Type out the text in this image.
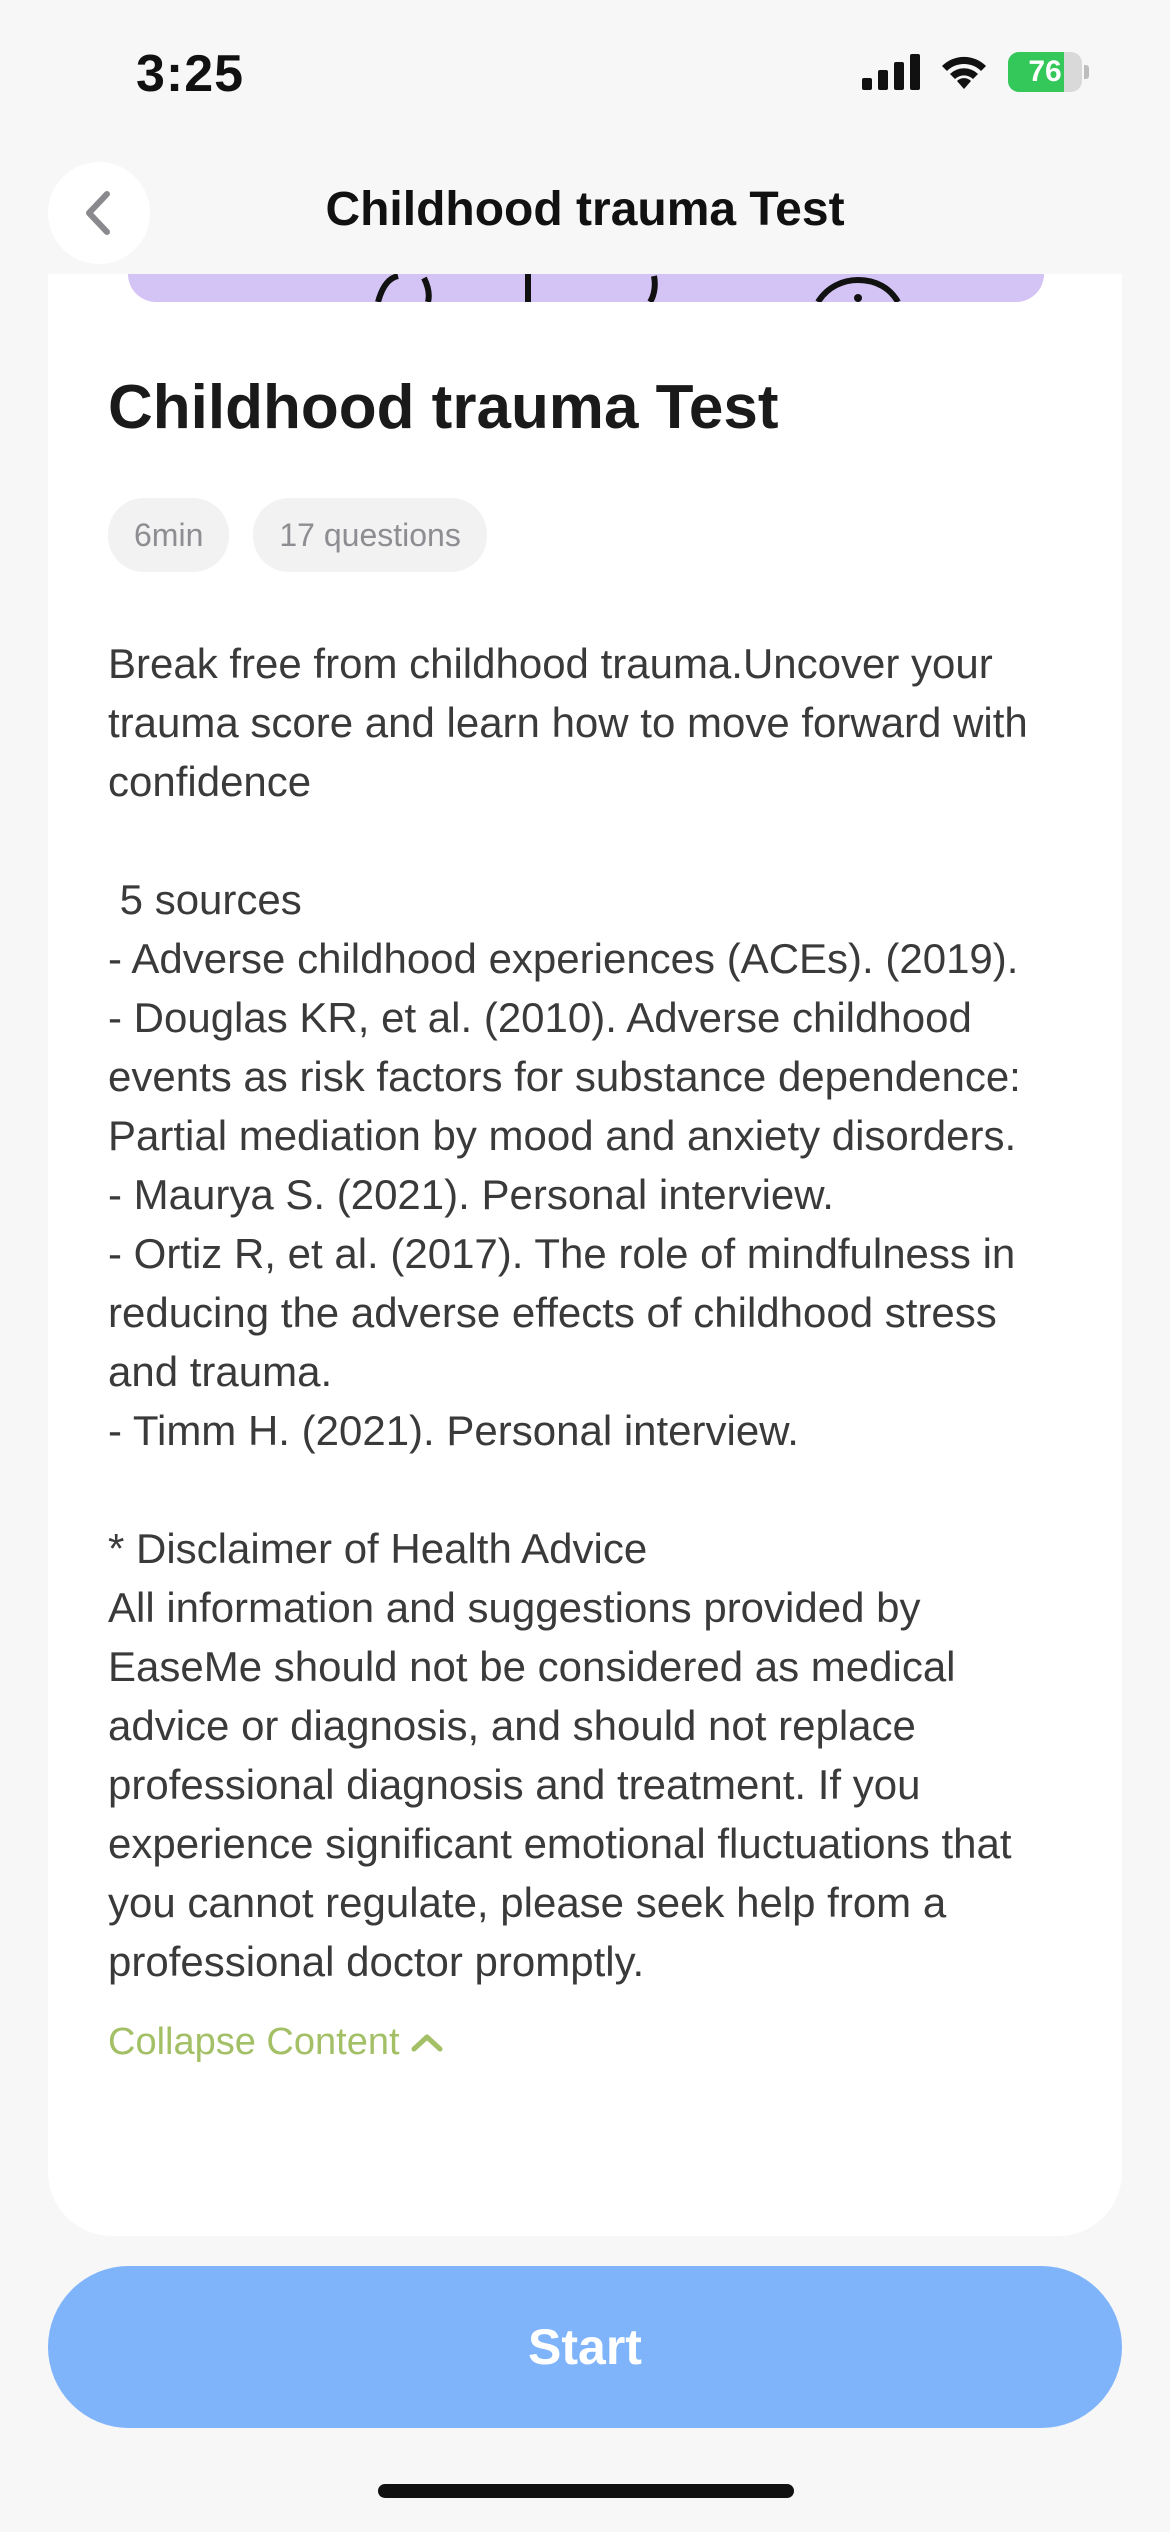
3:25	76
Childhood trauma Test
Childhood trauma Test
6min	17 questions
Break free from childhood trauma.Uncover your trauma score and learn how to move forward with confidence

5 sources
- Adverse childhood experiences (ACEs). (2019).
- Douglas KR, et al. (2010). Adverse childhood events as risk factors for substance dependence: Partial mediation by mood and anxiety disorders.
- Maurya S. (2021). Personal interview.
- Ortiz R, et al. (2017). The role of mindfulness in reducing the adverse effects of childhood stress and trauma.
- Timm H. (2021). Personal interview.

* Disclaimer of Health Advice
All information and suggestions provided by EaseMe should not be considered as medical advice or diagnosis, and should not replace professional diagnosis and treatment. If you experience significant emotional fluctuations that you cannot regulate, please seek help from a professional doctor promptly.
Collapse Content
Start
